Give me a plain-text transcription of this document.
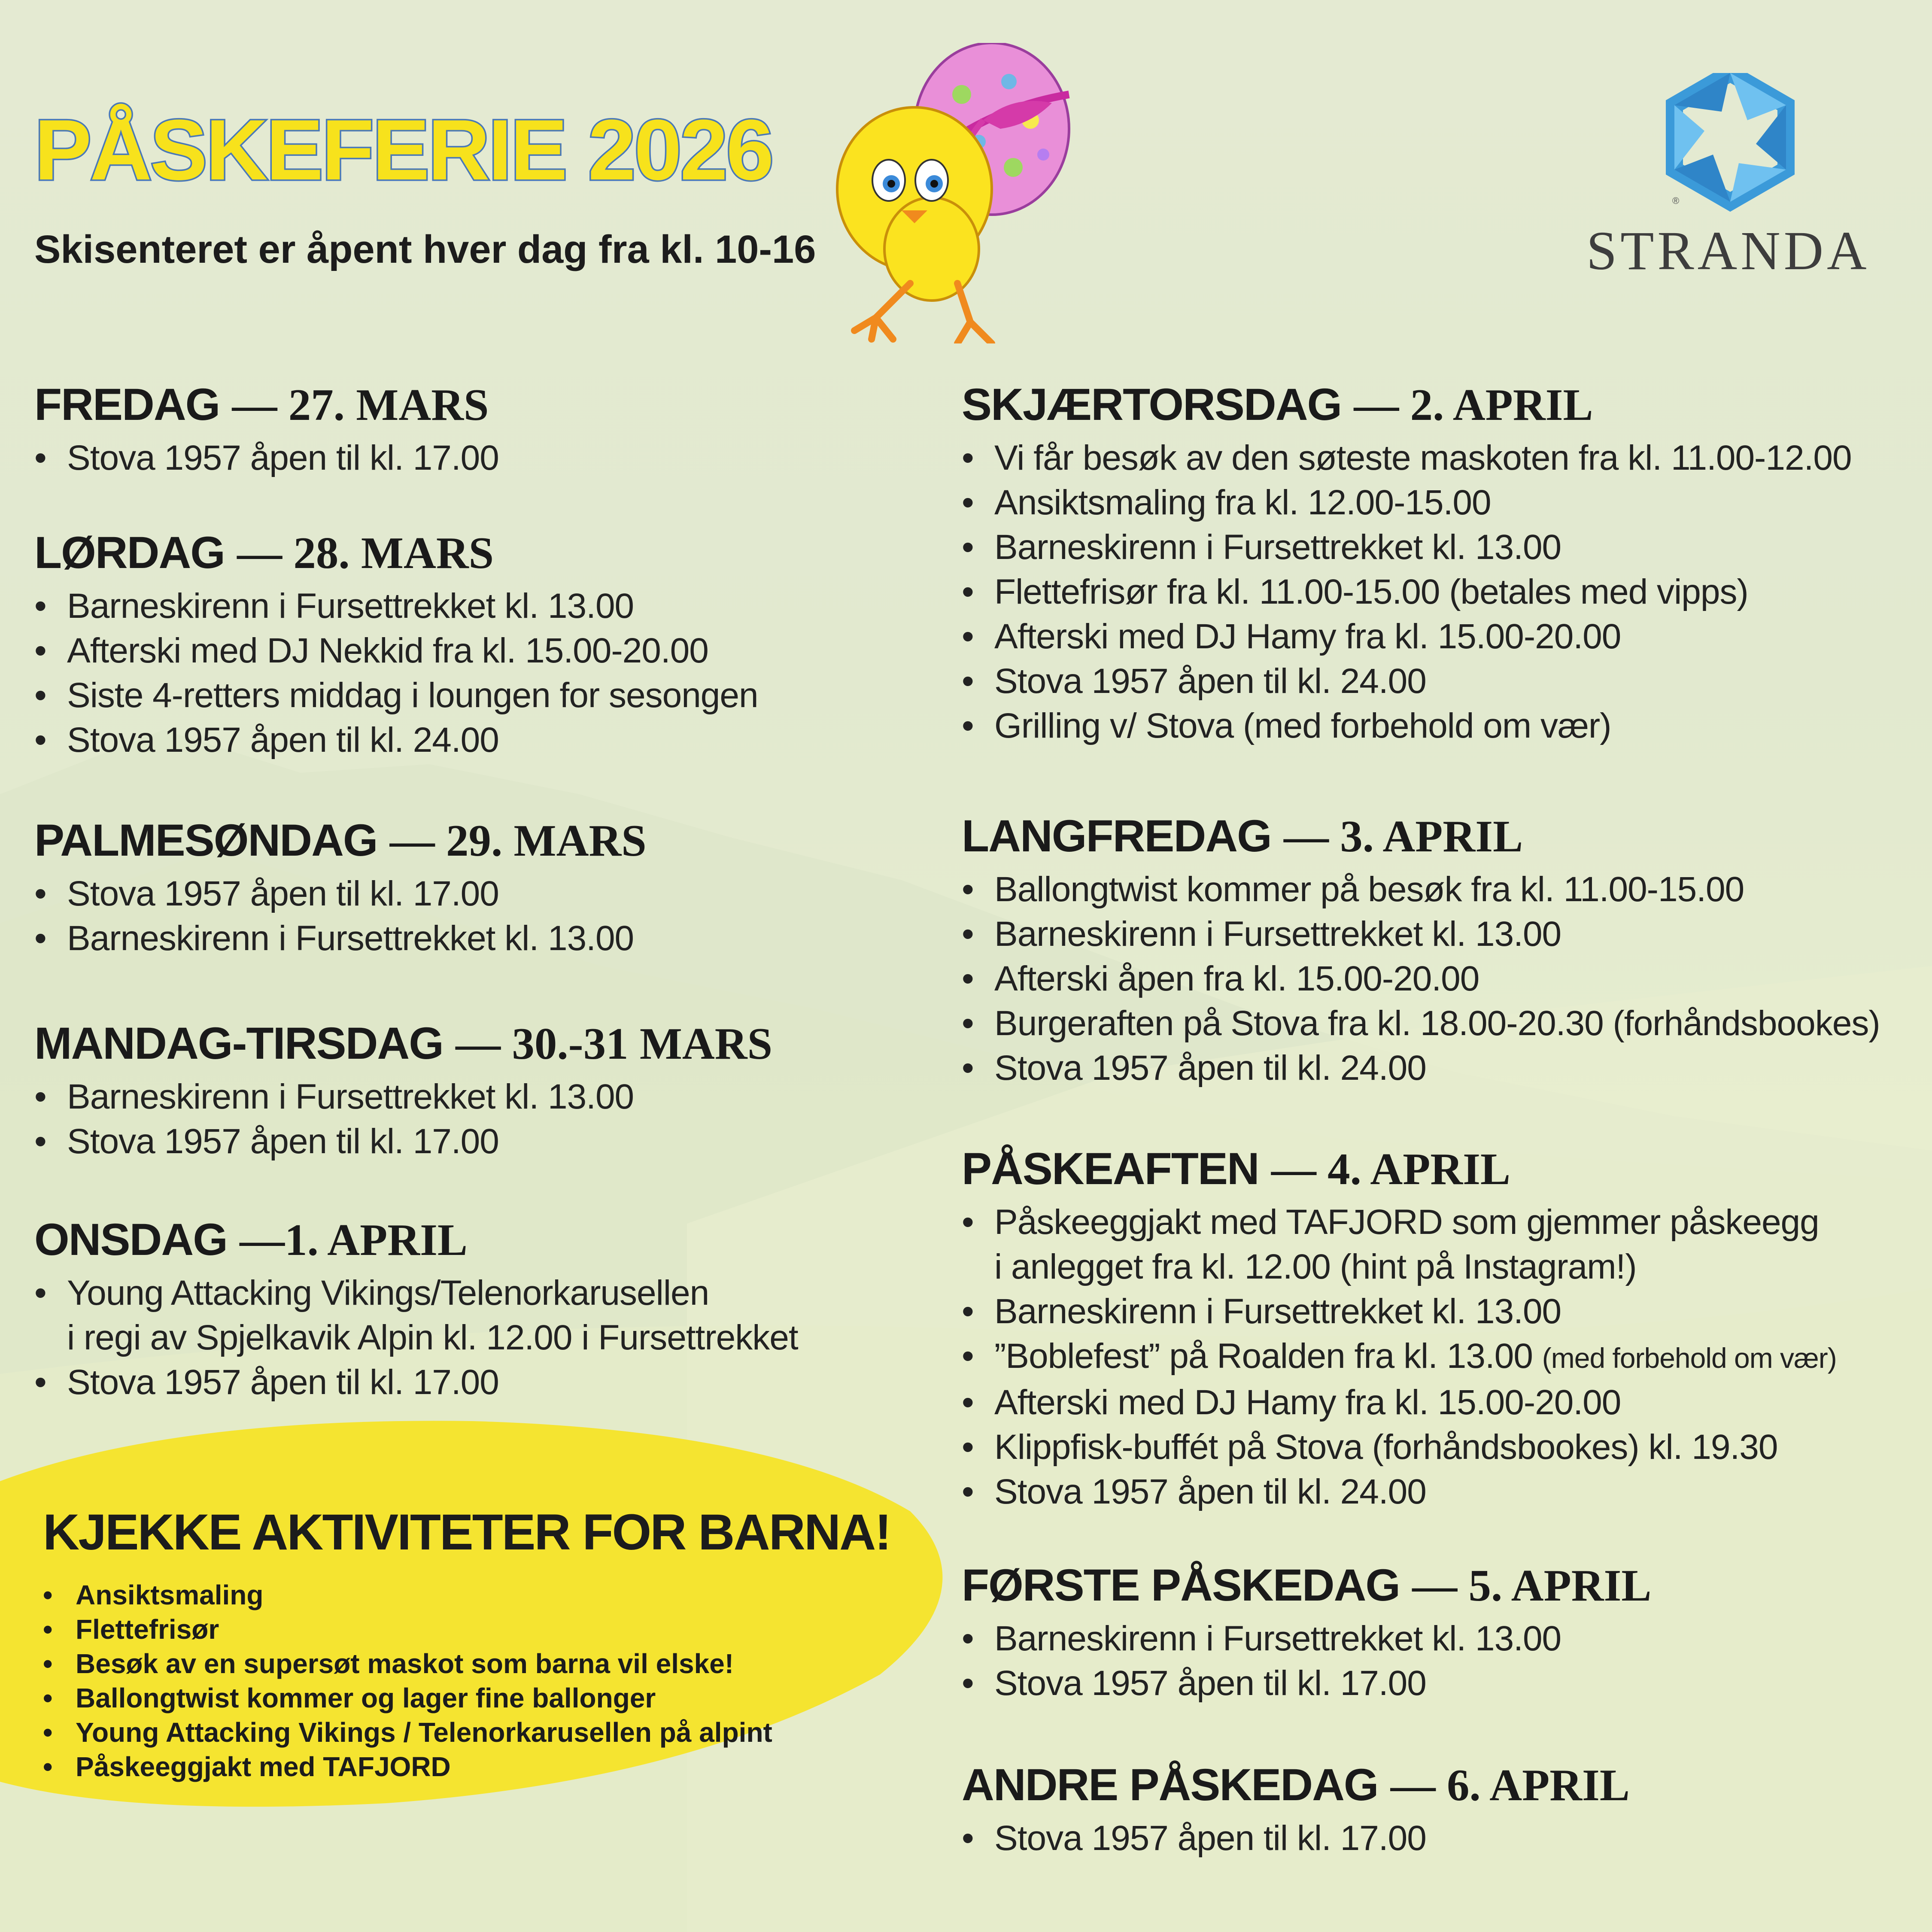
PÅSKEFERIE 2026

Skisenteret er åpent hver dag fra kl. 10-16

®
STRANDA
FREDAG — 27. MARS
• Stova 1957 åpen til kl. 17.00
LØRDAG — 28. MARS
• Barneskirenn i Fursettrekket kl. 13.00
• Afterski med DJ Nekkid fra kl. 15.00-20.00
• Siste 4-retters middag i loungen for sesongen
• Stova 1957 åpen til kl. 24.00
PALMESØNDAG — 29. MARS
• Stova 1957 åpen til kl. 17.00
• Barneskirenn i Fursettrekket kl. 13.00
MANDAG-TIRSDAG — 30.-31 MARS
• Barneskirenn i Fursettrekket kl. 13.00
• Stova 1957 åpen til kl. 17.00
ONSDAG —1. APRIL
• Young Attacking Vikings/Telenorkarusellen
i regi av Spjelkavik Alpin kl. 12.00 i Fursettrekket
• Stova 1957 åpen til kl. 17.00
SKJÆRTORSDAG — 2. APRIL
• Vi får besøk av den søteste maskoten fra kl. 11.00-12.00
• Ansiktsmaling fra kl. 12.00-15.00
• Barneskirenn i Fursettrekket kl. 13.00
• Flettefrisør fra kl. 11.00-15.00 (betales med vipps)
• Afterski med DJ Hamy fra kl. 15.00-20.00
• Stova 1957 åpen til kl. 24.00
• Grilling v/ Stova (med forbehold om vær)
LANGFREDAG — 3. APRIL
• Ballongtwist kommer på besøk fra kl. 11.00-15.00
• Barneskirenn i Fursettrekket kl. 13.00
• Afterski åpen fra kl. 15.00-20.00
• Burgeraften på Stova fra kl. 18.00-20.30 (forhåndsbookes)
• Stova 1957 åpen til kl. 24.00
PÅSKEAFTEN — 4. APRIL
• Påskeeggjakt med TAFJORD som gjemmer påskeegg
i anlegget fra kl. 12.00 (hint på Instagram!)
• Barneskirenn i Fursettrekket kl. 13.00
• ”Boblefest” på Roalden fra kl. 13.00 (med forbehold om vær)
• Afterski med DJ Hamy fra kl. 15.00-20.00
• Klippfisk-buffét på Stova (forhåndsbookes) kl. 19.30
• Stova 1957 åpen til kl. 24.00
FØRSTE PÅSKEDAG — 5. APRIL
• Barneskirenn i Fursettrekket kl. 13.00
• Stova 1957 åpen til kl. 17.00
ANDRE PÅSKEDAG — 6. APRIL
• Stova 1957 åpen til kl. 17.00
KJEKKE AKTIVITETER FOR BARNA!
• Ansiktsmaling
• Flettefrisør
• Besøk av en supersøt maskot som barna vil elske!
• Ballongtwist kommer og lager fine ballonger
• Young Attacking Vikings / Telenorkarusellen på alpint
• Påskeeggjakt med TAFJORD
